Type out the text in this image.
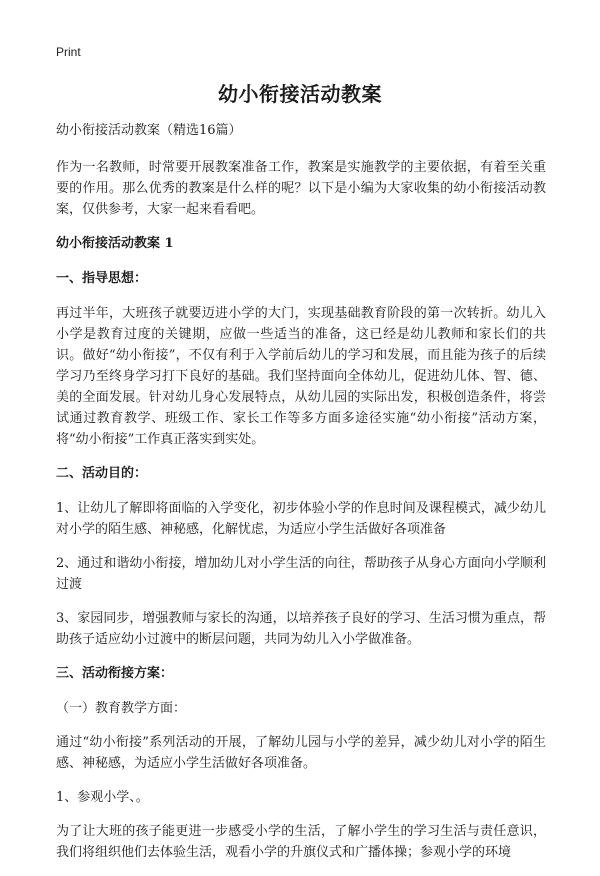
Print
幼小衔接活动教案

幼小衔接活动教案（精选16篇）

作为一名教师，时常要开展教案准备工作，教案是实施教学的主要依据，有着至关重要的作用。那么优秀的教案是什么样的呢？以下是小编为大家收集的幼小衔接活动教案，仅供参考，大家一起来看看吧。

幼小衔接活动教案 1

一、指导思想：

再过半年，大班孩子就要迈进小学的大门，实现基础教育阶段的第一次转折。幼儿入小学是教育过度的关键期，应做一些适当的准备，这已经是幼儿教师和家长们的共识。做好“幼小衔接”，不仅有利于入学前后幼儿的学习和发展，而且能为孩子的后续学习乃至终身学习打下良好的基础。我们坚持面向全体幼儿，促进幼儿体、智、德、美的全面发展。针对幼儿身心发展特点，从幼儿园的实际出发，积极创造条件，将尝试通过教育教学、班级工作、家长工作等多方面多途径实施“幼小衔接”活动方案，将“幼小衔接”工作真正落实到实处。

二、活动目的：

1、让幼儿了解即将面临的入学变化，初步体验小学的作息时间及课程模式，减少幼儿对小学的陌生感、神秘感，化解忧虑，为适应小学生活做好各项准备

2、通过和谐幼小衔接，增加幼儿对小学生活的向往，帮助孩子从身心方面向小学顺利过渡

3、家园同步，增强教师与家长的沟通，以培养孩子良好的学习、生活习惯为重点，帮助孩子适应幼小过渡中的断层问题，共同为幼儿入小学做准备。

三、活动衔接方案：

（一）教育教学方面：

通过“幼小衔接”系列活动的开展，了解幼儿园与小学的差异，减少幼儿对小学的陌生感、神秘感，为适应小学生活做好各项准备。

1、参观小学、。

为了让大班的孩子能更进一步感受小学的生活，了解小学生的学习生活与责任意识，我们将组织他们去体验生活，观看小学的升旗仪式和广播体操；参观小学的环境
